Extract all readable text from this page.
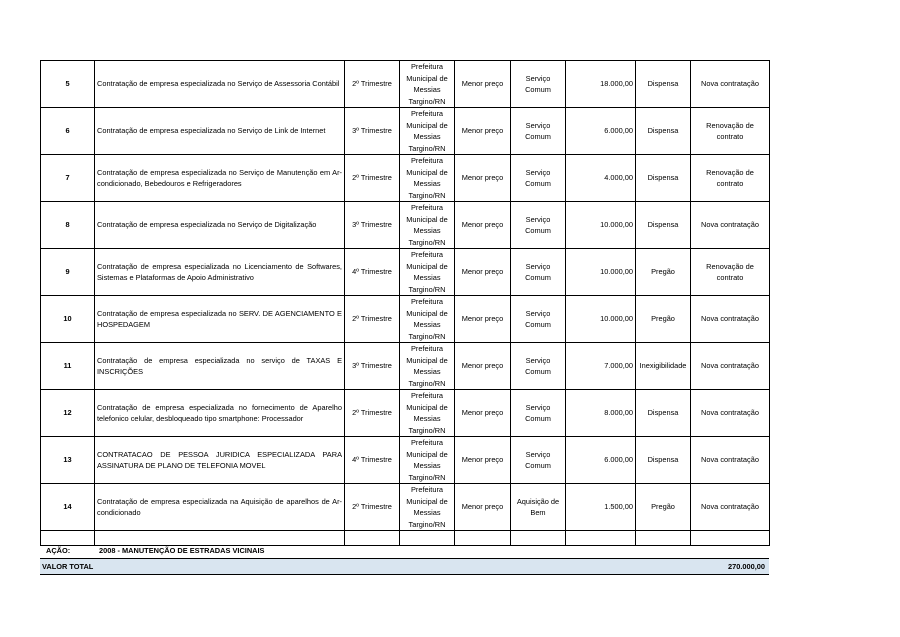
5	Contratação de empresa especializada no Serviço de Assessoria Contábil	2º Trimestre	Prefeitura Municipal de Messias Targino/RN	Menor preço	Serviço Comum	18.000,00	Dispensa	Nova contratação
6	Contratação de empresa especializada no Serviço de Link de Internet	3º Trimestre	Prefeitura Municipal de Messias Targino/RN	Menor preço	Serviço Comum	6.000,00	Dispensa	Renovação de contrato
7	Contratação de empresa especializada no Serviço de Manutenção em Ar-condicionado, Bebedouros e Refrigeradores	2º Trimestre	Prefeitura Municipal de Messias Targino/RN	Menor preço	Serviço Comum	4.000,00	Dispensa	Renovação de contrato
8	Contratação de empresa especializada no Serviço de Digitalização	3º Trimestre	Prefeitura Municipal de Messias Targino/RN	Menor preço	Serviço Comum	10.000,00	Dispensa	Nova contratação
9	Contratação de empresa especializada no Licenciamento de Softwares, Sistemas e Plataformas de Apoio Administrativo	4º Trimestre	Prefeitura Municipal de Messias Targino/RN	Menor preço	Serviço Comum	10.000,00	Pregão	Renovação de contrato
10	Contratação de empresa especializada no SERV. DE AGENCIAMENTO E HOSPEDAGEM	2º Trimestre	Prefeitura Municipal de Messias Targino/RN	Menor preço	Serviço Comum	10.000,00	Pregão	Nova contratação
11	Contratação de empresa especializada no serviço de TAXAS E INSCRIÇÕES	3º Trimestre	Prefeitura Municipal de Messias Targino/RN	Menor preço	Serviço Comum	7.000,00	Inexigibilidade	Nova contratação
12	Contratação de empresa especializada no fornecimento de Aparelho telefonico celular, desbloqueado tipo smartphone: Processador	2º Trimestre	Prefeitura Municipal de Messias Targino/RN	Menor preço	Serviço Comum	8.000,00	Dispensa	Nova contratação
13	CONTRATACAO DE PESSOA JURIDICA ESPECIALIZADA PARA ASSINATURA DE PLANO DE TELEFONIA MOVEL	4º Trimestre	Prefeitura Municipal de Messias Targino/RN	Menor preço	Serviço Comum	6.000,00	Dispensa	Nova contratação
14	Contratação de empresa especializada na Aquisição de aparelhos de Ar-condicionado	2º Trimestre	Prefeitura Municipal de Messias Targino/RN	Menor preço	Aquisição de Bem	1.500,00	Pregão	Nova contratação

AÇÃO:	2008 - MANUTENÇÃO DE ESTRADAS VICINAIS
VALOR TOTAL	270.000,00
